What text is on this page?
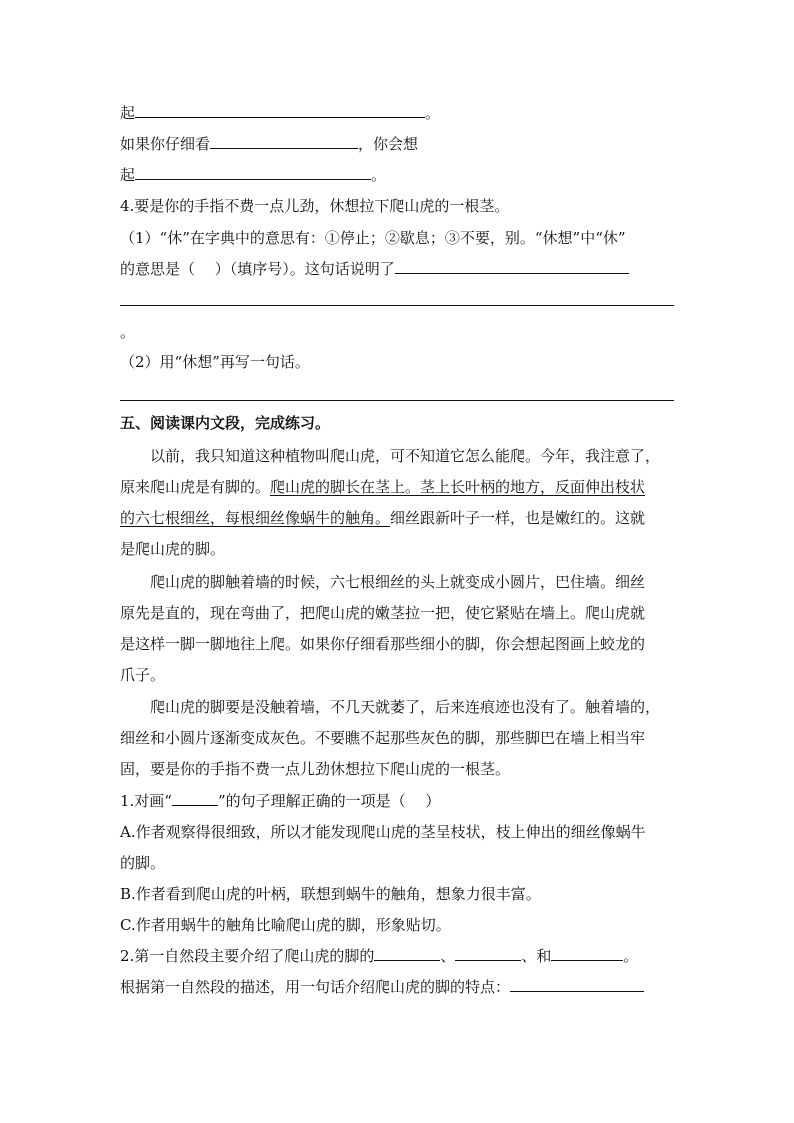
起	。
如果你仔细看	，你会想
起	。
4.要是你的手指不费一点儿劲，休想拉下爬山虎的一根茎。
（1）“休”在字典中的意思有：①停止；②歇息；③不要，别。“休想”中“休”
的意思是（　 ）（填序号）。这句话说明了
。
（2）用“休想”再写一句话。
五、阅读课内文段，完成练习。
以前，我只知道这种植物叫爬山虎，可不知道它怎么能爬。今年，我注意了，
原来爬山虎是有脚的。爬山虎的脚长在茎上。茎上长叶柄的地方，反面伸出枝状
的六七根细丝，每根细丝像蜗牛的触角。细丝跟新叶子一样，也是嫩红的。这就
是爬山虎的脚。
爬山虎的脚触着墙的时候，六七根细丝的头上就变成小圆片，巴住墙。细丝
原先是直的，现在弯曲了，把爬山虎的嫩茎拉一把，使它紧贴在墙上。爬山虎就
是这样一脚一脚地往上爬。如果你仔细看那些细小的脚，你会想起图画上蛟龙的
爪子。
爬山虎的脚要是没触着墙，不几天就萎了，后来连痕迹也没有了。触着墙的，
细丝和小圆片逐渐变成灰色。不要瞧不起那些灰色的脚，那些脚巴在墙上相当牢
固，要是你的手指不费一点儿劲休想拉下爬山虎的一根茎。
1.对画“	”的句子理解正确的一项是（　 ）
A.作者观察得很细致，所以才能发现爬山虎的茎呈枝状，枝上伸出的细丝像蜗牛
的脚。
B.作者看到爬山虎的叶柄，联想到蜗牛的触角，想象力很丰富。
C.作者用蜗牛的触角比喻爬山虎的脚，形象贴切。
2.第一自然段主要介绍了爬山虎的脚的	、	、和	。
根据第一自然段的描述，用一句话介绍爬山虎的脚的特点：
